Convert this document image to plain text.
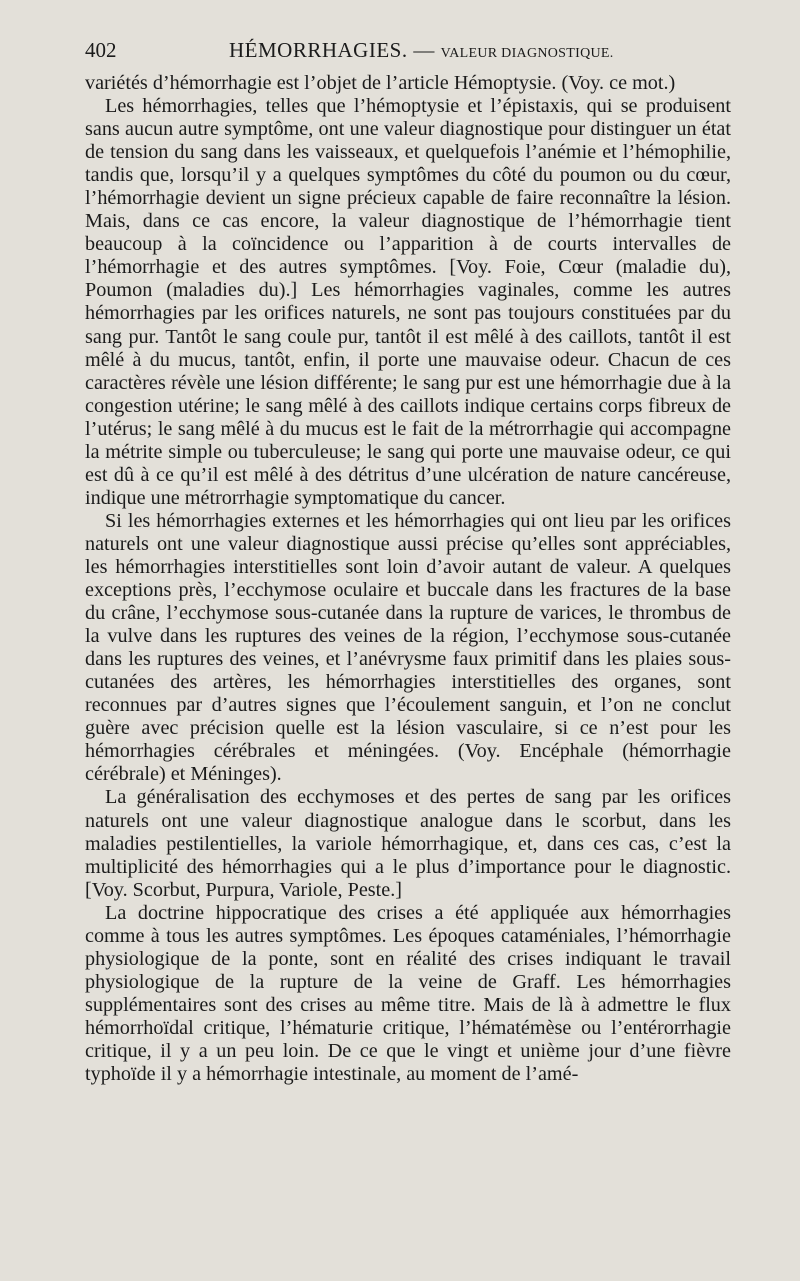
402	HÉMORRHAGIES. — VALEUR DIAGNOSTIQUE.

variétés d’hémorrhagie est l’objet de l’article Hémoptysie. (Voy. ce mot.)

Les hémorrhagies, telles que l’hémoptysie et l’épistaxis, qui se produisent sans aucun autre symptôme, ont une valeur diagnostique pour distinguer un état de tension du sang dans les vaisseaux, et quelquefois l’anémie et l’hémophilie, tandis que, lorsqu’il y a quelques symptômes du côté du poumon ou du cœur, l’hémorrhagie devient un signe précieux capable de faire reconnaître la lésion. Mais, dans ce cas encore, la valeur diagnostique de l’hémorrhagie tient beaucoup à la coïncidence ou l’apparition à de courts intervalles de l’hémorrhagie et des autres symptômes. [Voy. Foie, Cœur (maladie du), Poumon (maladies du).] Les hémorrhagies vaginales, comme les autres hémorrhagies par les orifices naturels, ne sont pas toujours constituées par du sang pur. Tantôt le sang coule pur, tantôt il est mêlé à des caillots, tantôt il est mêlé à du mucus, tantôt, enfin, il porte une mauvaise odeur. Chacun de ces caractères révèle une lésion différente; le sang pur est une hémorrhagie due à la congestion utérine; le sang mêlé à des caillots indique certains corps fibreux de l’utérus; le sang mêlé à du mucus est le fait de la métrorrhagie qui accompagne la métrite simple ou tuberculeuse; le sang qui porte une mauvaise odeur, ce qui est dû à ce qu’il est mêlé à des détritus d’une ulcération de nature cancéreuse, indique une métrorrhagie symptomatique du cancer.

Si les hémorrhagies externes et les hémorrhagies qui ont lieu par les orifices naturels ont une valeur diagnostique aussi précise qu’elles sont appréciables, les hémorrhagies interstitielles sont loin d’avoir autant de valeur. A quelques exceptions près, l’ecchymose oculaire et buccale dans les fractures de la base du crâne, l’ecchymose sous-cutanée dans la rupture de varices, le thrombus de la vulve dans les ruptures des veines de la région, l’ecchymose sous-cutanée dans les ruptures des veines, et l’anévrysme faux primitif dans les plaies sous-cutanées des artères, les hémorrhagies interstitielles des organes, sont reconnues par d’autres signes que l’écoulement sanguin, et l’on ne conclut guère avec précision quelle est la lésion vasculaire, si ce n’est pour les hémorrhagies cérébrales et méningées. (Voy. Encéphale (hémorrhagie cérébrale) et Méninges).

La généralisation des ecchymoses et des pertes de sang par les orifices naturels ont une valeur diagnostique analogue dans le scorbut, dans les maladies pestilentielles, la variole hémorrhagique, et, dans ces cas, c’est la multiplicité des hémorrhagies qui a le plus d’importance pour le diagnostic. [Voy. Scorbut, Purpura, Variole, Peste.]

La doctrine hippocratique des crises a été appliquée aux hémorrhagies comme à tous les autres symptômes. Les époques cataméniales, l’hémorrhagie physiologique de la ponte, sont en réalité des crises indiquant le travail physiologique de la rupture de la veine de Graff. Les hémorrhagies supplémentaires sont des crises au même titre. Mais de là à admettre le flux hémorrhoïdal critique, l’hématurie critique, l’hématémèse ou l’entérorrhagie critique, il y a un peu loin. De ce que le vingt et unième jour d’une fièvre typhoïde il y a hémorrhagie intestinale, au moment de l’amé-
